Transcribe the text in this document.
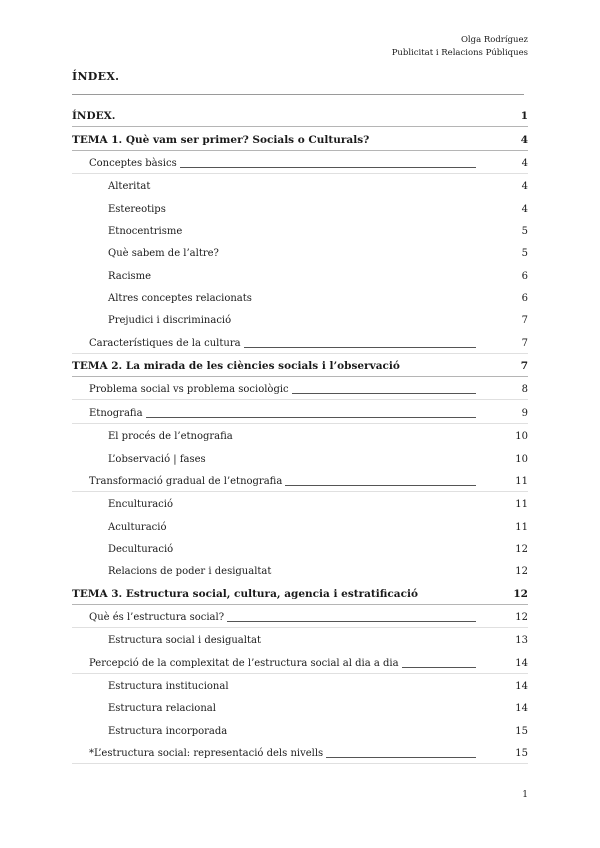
Olga Rodríguez
Publicitat i Relacions Públiques
ÍNDEX.
ÍNDEX.	1
TEMA 1. Què vam ser primer? Socials o Culturals?	4
Conceptes bàsics	4
Alteritat	4
Estereotips	4
Etnocentrisme	5
Què sabem de l’altre?	5
Racisme	6
Altres conceptes relacionats	6
Prejudici i discriminació	7
Característiques de la cultura	7
TEMA 2. La mirada de les ciències socials i l’observació	7
Problema social vs problema sociològic	8
Etnografia	9
El procés de l’etnografia	10
L’observació | fases	10
Transformació gradual de l’etnografia	11
Enculturació	11
Aculturació	11
Deculturació	12
Relacions de poder i desigualtat	12
TEMA 3. Estructura social, cultura, agencia i estratificació	12
Què és l’estructura social?	12
Estructura social i desigualtat	13
Percepció de la complexitat de l’estructura social al dia a dia	14
Estructura institucional	14
Estructura relacional	14
Estructura incorporada	15
*L’estructura social: representació dels nivells	15
1
